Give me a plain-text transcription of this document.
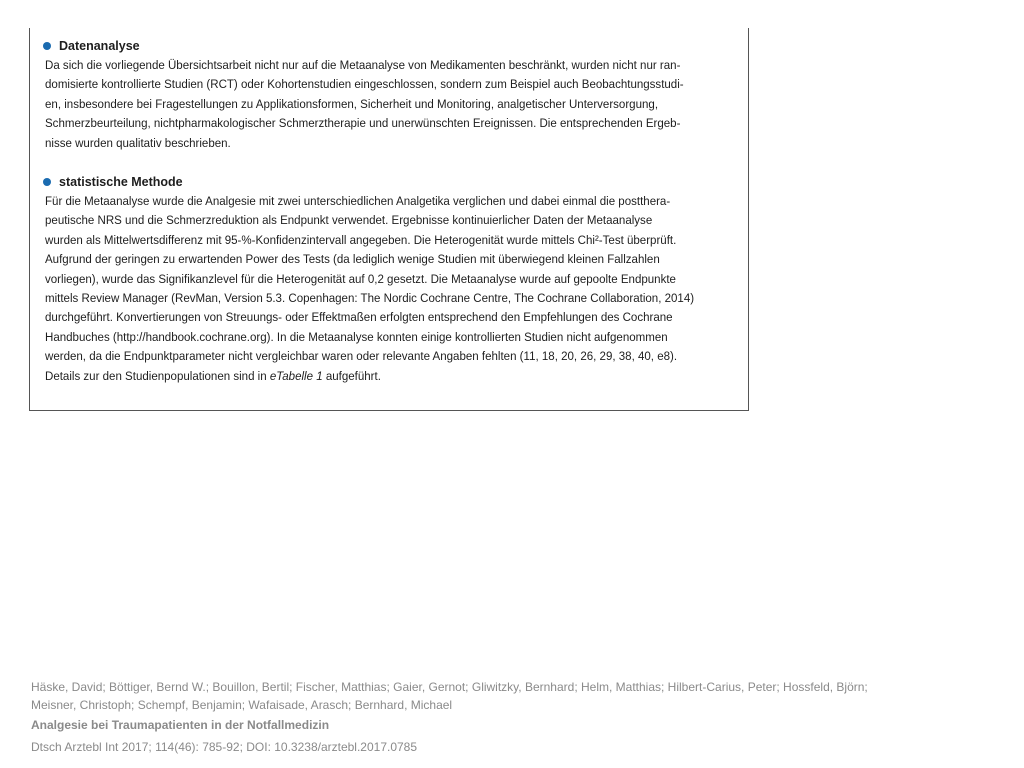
Datenanalyse
Da sich die vorliegende Übersichtsarbeit nicht nur auf die Metaanalyse von Medikamenten beschränkt, wurden nicht nur ran-
domisierte kontrollierte Studien (RCT) oder Kohortenstudien eingeschlossen, sondern zum Beispiel auch Beobachtungsstudi-
en, insbesondere bei Fragestellungen zu Applikationsformen, Sicherheit und Monitoring, analgetischer Unterversorgung,
Schmerzbeurteilung, nichtpharmakologischer Schmerztherapie und unerwünschten Ereignissen. Die entsprechenden Ergeb-
nisse wurden qualitativ beschrieben.
statistische Methode
Für die Metaanalyse wurde die Analgesie mit zwei unterschiedlichen Analgetika verglichen und dabei einmal die postthera-
peutische NRS und die Schmerzreduktion als Endpunkt verwendet. Ergebnisse kontinuierlicher Daten der Metaanalyse
wurden als Mittelwertsdifferenz mit 95-%-Konfidenzintervall angegeben. Die Heterogenität wurde mittels Chi²-Test überprüft.
Aufgrund der geringen zu erwartenden Power des Tests (da lediglich wenige Studien mit überwiegend kleinen Fallzahlen
vorliegen), wurde das Signifikanzlevel für die Heterogenität auf 0,2 gesetzt. Die Metaanalyse wurde auf gepoolte Endpunkte
mittels Review Manager (RevMan, Version 5.3. Copenhagen: The Nordic Cochrane Centre, The Cochrane Collaboration, 2014)
durchgeführt. Konvertierungen von Streuungs- oder Effektmaßen erfolgten entsprechend den Empfehlungen des Cochrane
Handbuches (http://handbook.cochrane.org). In die Metaanalyse konnten einige kontrollierten Studien nicht aufgenommen
werden, da die Endpunktparameter nicht vergleichbar waren oder relevante Angaben fehlten (11, 18, 20, 26, 29, 38, 40, e8).
Details zur den Studienpopulationen sind in eTabelle 1 aufgeführt.
Häske, David; Böttiger, Bernd W.; Bouillon, Bertil; Fischer, Matthias; Gaier, Gernot; Gliwitzky, Bernhard; Helm, Matthias; Hilbert-Carius, Peter; Hossfeld, Björn;
Meisner, Christoph; Schempf, Benjamin; Wafaisade, Arasch; Bernhard, Michael
Analgesie bei Traumapatienten in der Notfallmedizin
Dtsch Arztebl Int 2017; 114(46): 785-92; DOI: 10.3238/arztebl.2017.0785
